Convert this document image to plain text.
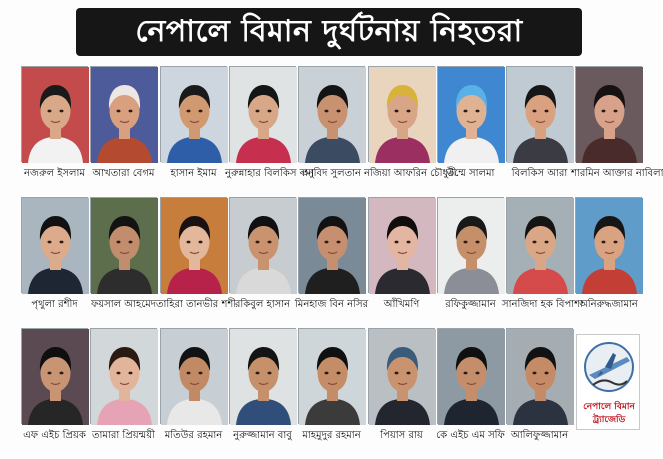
নেপালে বিমান দুর্ঘটনায় নিহতরা
নজরুল ইসলাম আখতারা বেগম	হাসান ইমাম নুরুন্নাহার বিলকিস বানু
আবিদ সুলতান নজিয়া আফরিন চৌধুরী
উম্মে সালমা	বিলকিস আরা শারমিন আক্তার নাবিলা
পৃথুলা রশীদ	ফয়সাল আহমেদ তাহিরা তানভীর শশী
রকিবুল হাসান মিনহাজ বিন নসির	আঁখিমণি	রফিকুজ্জামান সানজিদা হক বিপাশা
অনিরুদ্ধজামান
এফ এইচ প্রিয়ক তামারা প্রিয়ন্ময়ী মতিউর রহমান	নুরুজ্জামান বাবু	মাহমুদুর রহমান	পিয়াস রায়	কে এইচ এম সফি আলিফুজ্জামান
নেপালে বিমান
ট্র্যাজেডি
